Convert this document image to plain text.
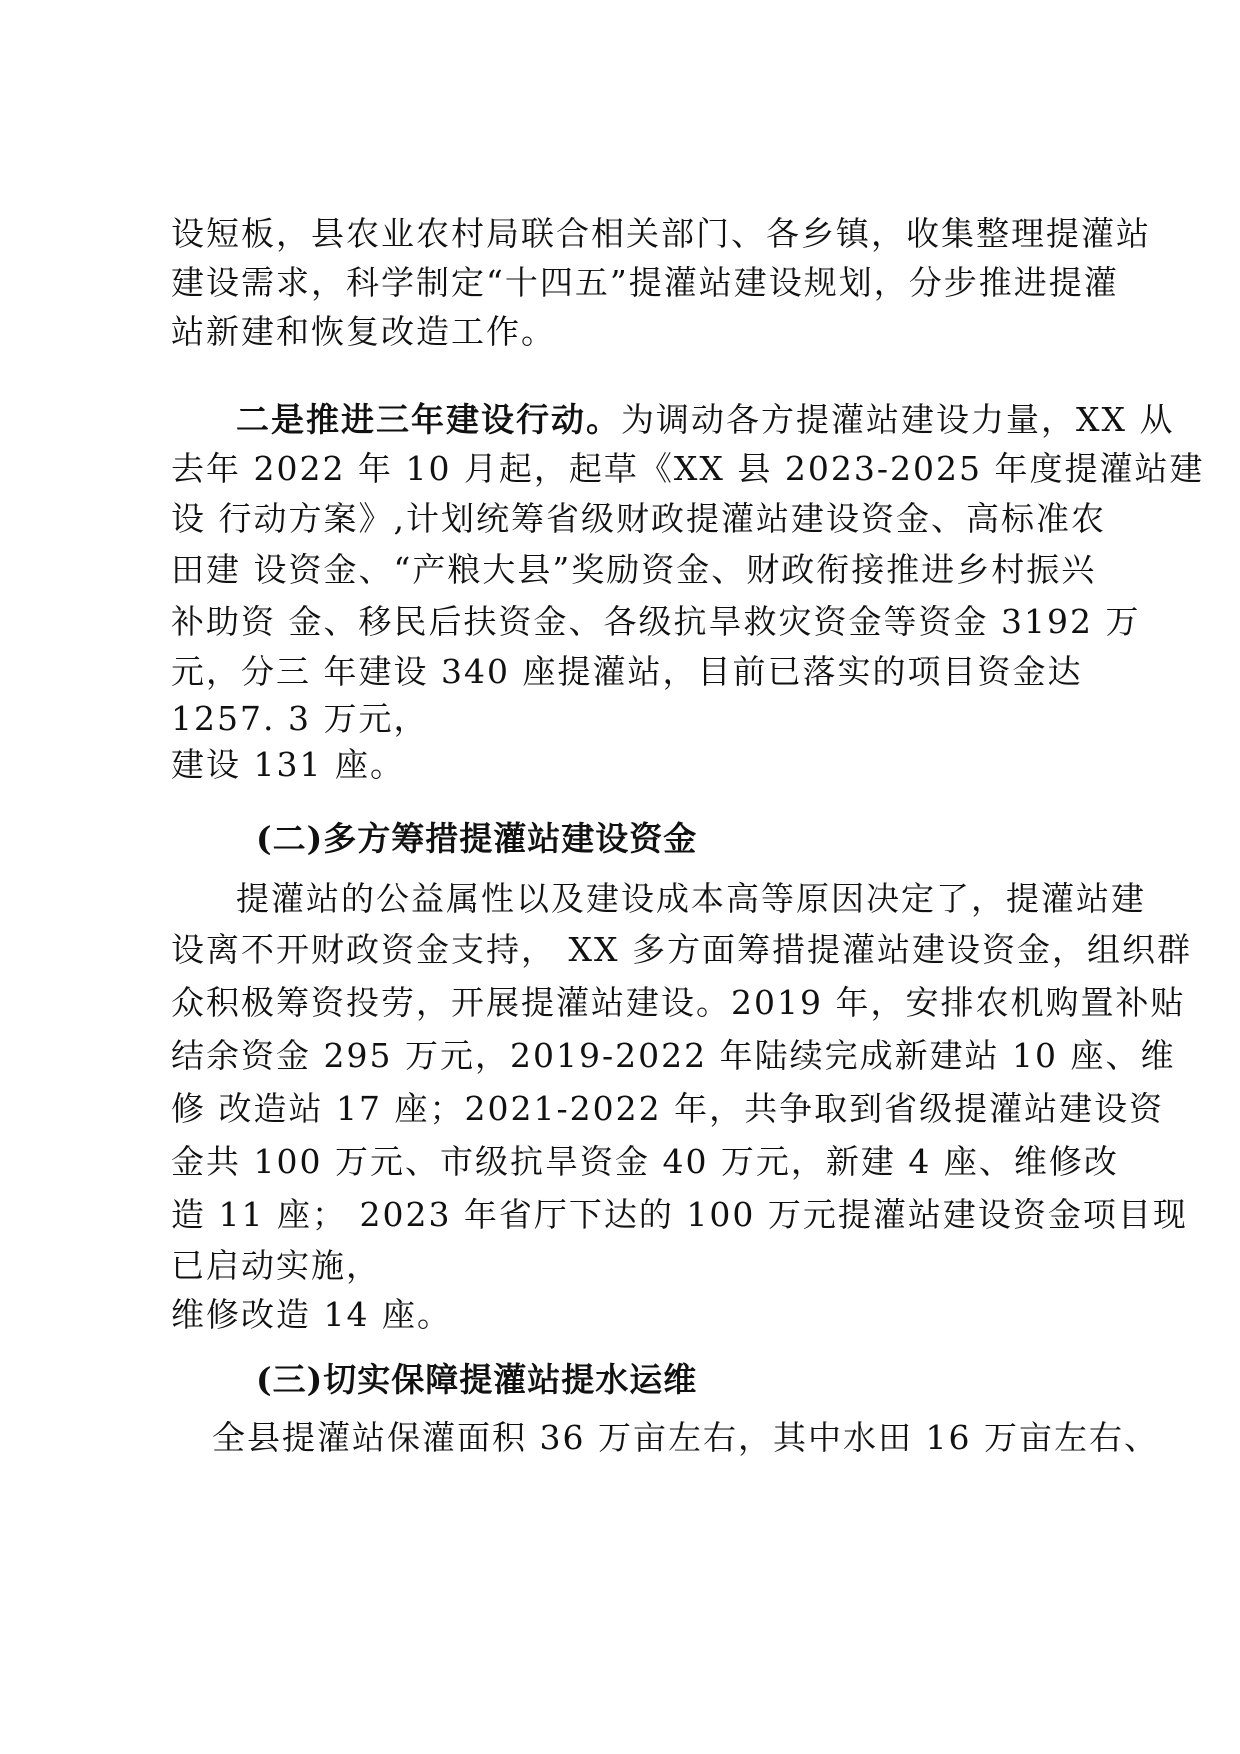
设短板，县农业农村局联合相关部门、各乡镇，收集整理提灌站
建设需求，科学制定“十四五”提灌站建设规划，分步推进提灌
站新建和恢复改造工作。
二是推进三年建设行动。为调动各方提灌站建设力量，XX 从
去年 2022 年 10 月起，起草《XX 县 2023-2025 年度提灌站建
设 行动方案》,计划统筹省级财政提灌站建设资金、高标准农
田建 设资金、“产粮大县”奖励资金、财政衔接推进乡村振兴
补助资 金、移民后扶资金、各级抗旱救灾资金等资金 3192 万
元，分三 年建设 340 座提灌站，目前已落实的项目资金达
1257. 3 万元，
建设 131 座。
(二)多方筹措提灌站建设资金
提灌站的公益属性以及建设成本高等原因决定了，提灌站建
设离不开财政资金支持， XX 多方面筹措提灌站建设资金，组织群
众积极筹资投劳，开展提灌站建设。2019 年，安排农机购置补贴
结余资金 295 万元，2019-2022 年陆续完成新建站 10 座、维
修 改造站 17 座；2021-2022 年，共争取到省级提灌站建设资
金共 100 万元、市级抗旱资金 40 万元，新建 4 座、维修改
造 11 座； 2023 年省厅下达的 100 万元提灌站建设资金项目现
已启动实施，
维修改造 14 座。
(三)切实保障提灌站提水运维
全县提灌站保灌面积 36 万亩左右，其中水田 16 万亩左右、
